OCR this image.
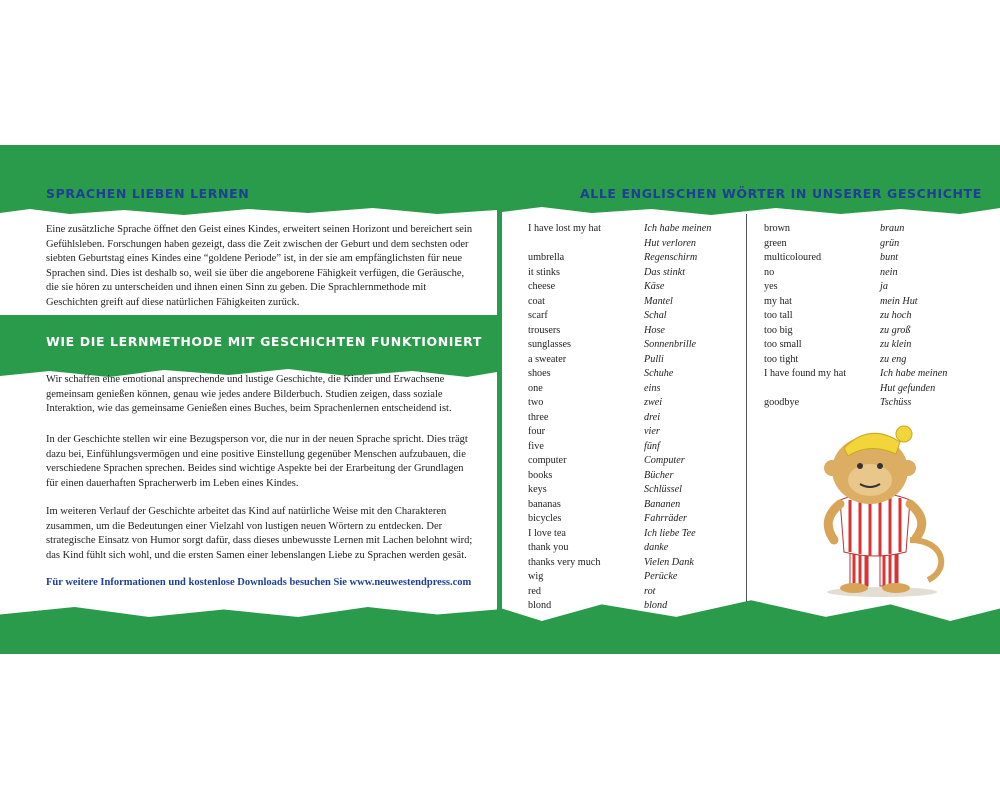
SPRACHEN LIEBEN LERNEN
Eine zusätzliche Sprache öffnet den Geist eines Kindes, erweitert seinen Horizont und bereichert sein Gefühlsleben. Forschungen haben gezeigt, dass die Zeit zwischen der Geburt und dem sechsten oder siebten Geburtstag eines Kindes eine “goldene Periode” ist, in der sie am empfänglichsten für neue Sprachen sind. Dies ist deshalb so, weil sie über die angeborene Fähigkeit verfügen, die Geräusche, die sie hören zu unterscheiden und ihnen einen Sinn zu geben. Die Sprachlernmethode mit Geschichten greift auf diese natürlichen Fähigkeiten zurück.
WIE DIE LERNMETHODE MIT GESCHICHTEN FUNKTIONIERT
Wir schaffen eine emotional ansprechende und lustige Geschichte, die Kinder und Erwachsene gemeinsam genießen können, genau wie jedes andere Bilderbuch. Studien zeigen, dass soziale Interaktion, wie das gemeinsame Genießen eines Buches, beim Sprachenlernen entscheidend ist.
In der Geschichte stellen wir eine Bezugsperson vor, die nur in der neuen Sprache spricht. Dies trägt dazu bei, Einfühlungsvermögen und eine positive Einstellung gegenüber Menschen aufzubauen, die verschiedene Sprachen sprechen. Beides sind wichtige Aspekte bei der Erarbeitung der Grundlagen für einen dauerhaften Spracherwerb im Leben eines Kindes.
Im weiteren Verlauf der Geschichte arbeitet das Kind auf natürliche Weise mit den Charakteren zusammen, um die Bedeutungen einer Vielzahl von lustigen neuen Wörtern zu entdecken. Der strategische Einsatz von Humor sorgt dafür, dass dieses unbewusste Lernen mit Lachen belohnt wird; das Kind fühlt sich wohl, und die ersten Samen einer lebenslangen Liebe zu Sprachen werden gesät.
Für weitere Informationen und kostenlose Downloads besuchen Sie www.neuwestendpress.com
ALLE ENGLISCHEN WÖRTER IN UNSERER GESCHICHTE
I have lost my hat	Ich habe meinen
Hut verloren
umbrella	Regenschirm
it stinks	Das stinkt
cheese	Käse
coat	Mantel
scarf	Schal
trousers	Hose
sunglasses	Sonnenbrille
a sweater	Pulli
shoes	Schuhe
one	eins
two	zwei
three	drei
four	vier
five	fünf
computer	Computer
books	Bücher
keys	Schlüssel
bananas	Bananen
bicycles	Fahrräder
I love tea	Ich liebe Tee
thank you	danke
thanks very much	Vielen Dank
wig	Perücke
red	rot
blond	blond
brown	braun
green	grün
multicoloured	bunt
no	nein
yes	ja
my hat	mein Hut
too tall	zu hoch
too big	zu groß
too small	zu klein
too tight	zu eng
I have found my hat	Ich habe meinen
Hut gefunden
goodbye	Tschüss
